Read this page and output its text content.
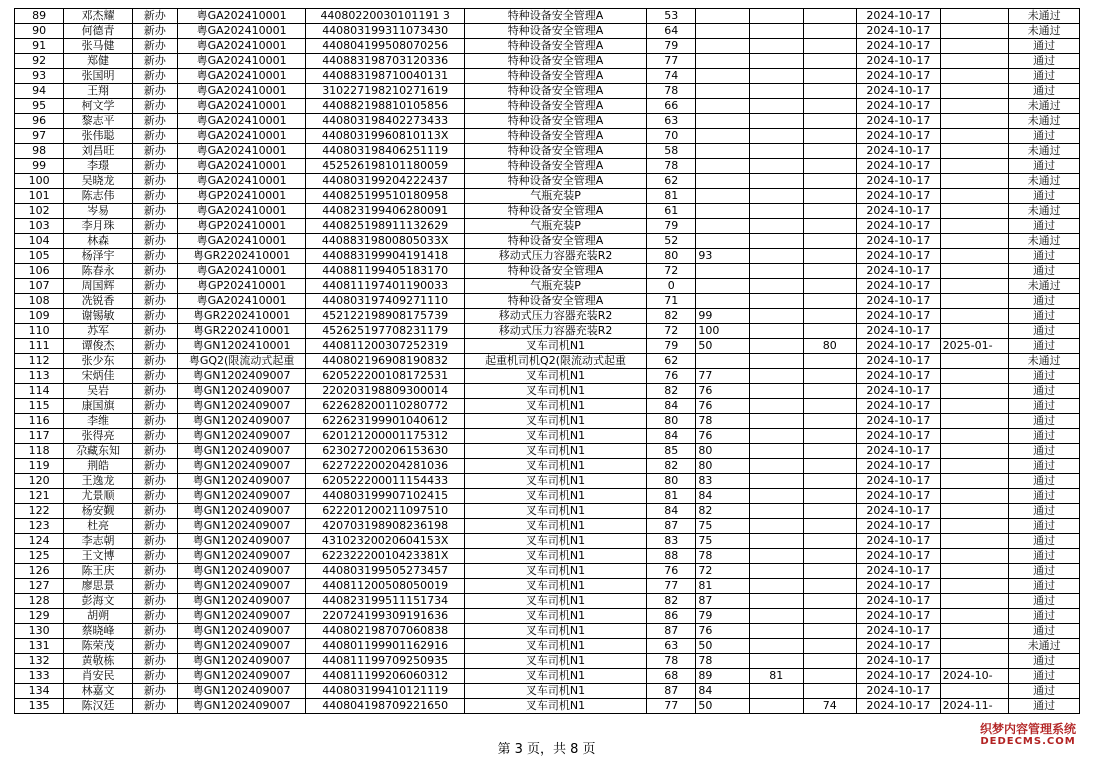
89	邓杰耀	新办	粤GA202410001	44080220030101191 3	特种设备安全管理A	53				2024-10-17		未通过
90	何德青	新办	粤GA202410001	440803199311073430	特种设备安全管理A	64				2024-10-17		未通过
91	张马健	新办	粤GA202410001	440804199508070256	特种设备安全管理A	79				2024-10-17		通过
92	郑健	新办	粤GA202410001	440883198703120336	特种设备安全管理A	77				2024-10-17		通过
93	张国明	新办	粤GA202410001	440883198710040131	特种设备安全管理A	74				2024-10-17		通过
94	王翔	新办	粤GA202410001	310227198210271619	特种设备安全管理A	78				2024-10-17		通过
95	柯文学	新办	粤GA202410001	440882198810105856	特种设备安全管理A	66				2024-10-17		未通过
96	黎志平	新办	粤GA202410001	440803198402273433	特种设备安全管理A	63				2024-10-17		未通过
97	张伟聪	新办	粤GA202410001	44080319960810113X	特种设备安全管理A	70				2024-10-17		通过
98	刘昌旺	新办	粤GA202410001	440803198406251119	特种设备安全管理A	58				2024-10-17		未通过
99	李璟	新办	粤GA202410001	452526198101180059	特种设备安全管理A	78				2024-10-17		通过
100	吴晓龙	新办	粤GA202410001	440803199204222437	特种设备安全管理A	62				2024-10-17		未通过
101	陈志伟	新办	粤GP202410001	440825199510180958	气瓶充装P	81				2024-10-17		通过
102	岑易	新办	粤GA202410001	440823199406280091	特种设备安全管理A	61				2024-10-17		未通过
103	李月珠	新办	粤GP202410001	440825198911132629	气瓶充装P	79				2024-10-17		通过
104	林森	新办	粤GA202410001	44088319800805033X	特种设备安全管理A	52				2024-10-17		未通过
105	杨泽宇	新办	粤GR2202410001	440883199904191418	移动式压力容器充装R2	80	93			2024-10-17		通过
106	陈春永	新办	粤GA202410001	440881199405183170	特种设备安全管理A	72				2024-10-17		通过
107	周国辉	新办	粤GP202410001	440811197401190033	气瓶充装P	0				2024-10-17		未通过
108	冼锐香	新办	粤GA202410001	440803197409271110	特种设备安全管理A	71				2024-10-17		通过
109	谢锡敏	新办	粤GR2202410001	452122198908175739	移动式压力容器充装R2	82	99			2024-10-17		通过
110	苏军	新办	粤GR2202410001	452625197708231179	移动式压力容器充装R2	72	100			2024-10-17		通过
111	谭俊杰	新办	粤GN1202410001	440811200307252319	叉车司机N1	79	50		80	2024-10-17	2025-01-	通过
112	张少东	新办	粤GQ2(限流动式起重	440802196908190832	起重机司机Q2(限流动式起重	62				2024-10-17		未通过
113	宋炳佳	新办	粤GN1202409007	620522200108172531	叉车司机N1	76	77			2024-10-17		通过
114	吴岩	新办	粤GN1202409007	220203198809300014	叉车司机N1	82	76			2024-10-17		通过
115	康国旗	新办	粤GN1202409007	622628200110280772	叉车司机N1	84	76			2024-10-17		通过
116	李维	新办	粤GN1202409007	622623199901040612	叉车司机N1	80	78			2024-10-17		通过
117	张得亮	新办	粤GN1202409007	620121200001175312	叉车司机N1	84	76			2024-10-17		通过
118	尕藏东知	新办	粤GN1202409007	623027200206153630	叉车司机N1	85	80			2024-10-17		通过
119	荆皓	新办	粤GN1202409007	622722200204281036	叉车司机N1	82	80			2024-10-17		通过
120	王逸龙	新办	粤GN1202409007	620522200011154433	叉车司机N1	80	83			2024-10-17		通过
121	尤景顺	新办	粤GN1202409007	440803199907102415	叉车司机N1	81	84			2024-10-17		通过
122	杨安觐	新办	粤GN1202409007	622201200211097510	叉车司机N1	84	82			2024-10-17		通过
123	杜亮	新办	粤GN1202409007	420703198908236198	叉车司机N1	87	75			2024-10-17		通过
124	李志朝	新办	粤GN1202409007	43102320020604153X	叉车司机N1	83	75			2024-10-17		通过
125	王文博	新办	粤GN1202409007	62232220010423381X	叉车司机N1	88	78			2024-10-17		通过
126	陈王庆	新办	粤GN1202409007	440803199505273457	叉车司机N1	76	72			2024-10-17		通过
127	廖思景	新办	粤GN1202409007	440811200508050019	叉车司机N1	77	81			2024-10-17		通过
128	彭海文	新办	粤GN1202409007	440823199511151734	叉车司机N1	82	87			2024-10-17		通过
129	胡朔	新办	粤GN1202409007	220724199309191636	叉车司机N1	86	79			2024-10-17		通过
130	蔡晓峰	新办	粤GN1202409007	440802198707060838	叉车司机N1	87	76			2024-10-17		通过
131	陈荣茂	新办	粤GN1202409007	440801199901162916	叉车司机N1	63	50			2024-10-17		未通过
132	黄敬栋	新办	粤GN1202409007	440811199709250935	叉车司机N1	78	78			2024-10-17		通过
133	肖安民	新办	粤GN1202409007	440811199206060312	叉车司机N1	68	89	81		2024-10-17	2024-10-	通过
134	林嘉文	新办	粤GN1202409007	440803199410121119	叉车司机N1	87	84			2024-10-17		通过
135	陈汉廷	新办	粤GN1202409007	440804198709221650	叉车司机N1	77	50		74	2024-10-17	2024-11-	通过
第 3 页，共 8 页
织梦内容管理系统
DEDECMS.COM
